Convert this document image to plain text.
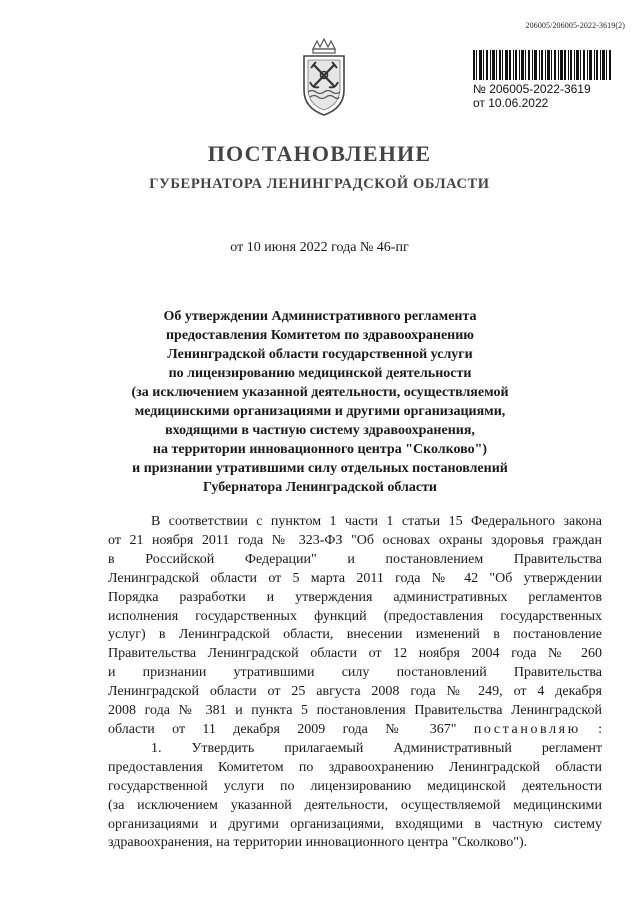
206005/206005-2022-3619(2)
№ 206005-2022-3619
от 10.06.2022
ПОСТАНОВЛЕНИЕ
ГУБЕРНАТОРА ЛЕНИНГРАДСКОЙ ОБЛАСТИ
от 10 июня 2022 года № 46-пг
Об утверждении Административного регламента
предоставления Комитетом по здравоохранению
Ленинградской области государственной услуги
по лицензированию медицинской деятельности
(за исключением указанной деятельности, осуществляемой
медицинскими организациями и другими организациями,
входящими в частную систему здравоохранения,
на территории инновационного центра "Сколково")
и признании утратившими силу отдельных постановлений
Губернатора Ленинградской области
В соответствии с пунктом 1 части 1 статьи 15 Федерального закона
от 21 ноября 2011 года № 323-ФЗ "Об основах охраны здоровья граждан
в Российской Федерации" и постановлением Правительства
Ленинградской области от 5 марта 2011 года № 42 "Об утверждении
Порядка разработки и утверждения административных регламентов
исполнения государственных функций (предоставления государственных
услуг) в Ленинградской области, внесении изменений в постановление
Правительства Ленинградской области от 12 ноября 2004 года № 260
и признании утратившими силу постановлений Правительства
Ленинградской области от 25 августа 2008 года № 249, от 4 декабря
2008 года № 381 и пункта 5 постановления Правительства Ленинградской
области от 11 декабря 2009 года № 367" постановляю :
1. Утвердить прилагаемый Административный регламент
предоставления Комитетом по здравоохранению Ленинградской области
государственной услуги по лицензированию медицинской деятельности
(за исключением указанной деятельности, осуществляемой медицинскими
организациями и другими организациями, входящими в частную систему
здравоохранения, на территории инновационного центра "Сколково").
